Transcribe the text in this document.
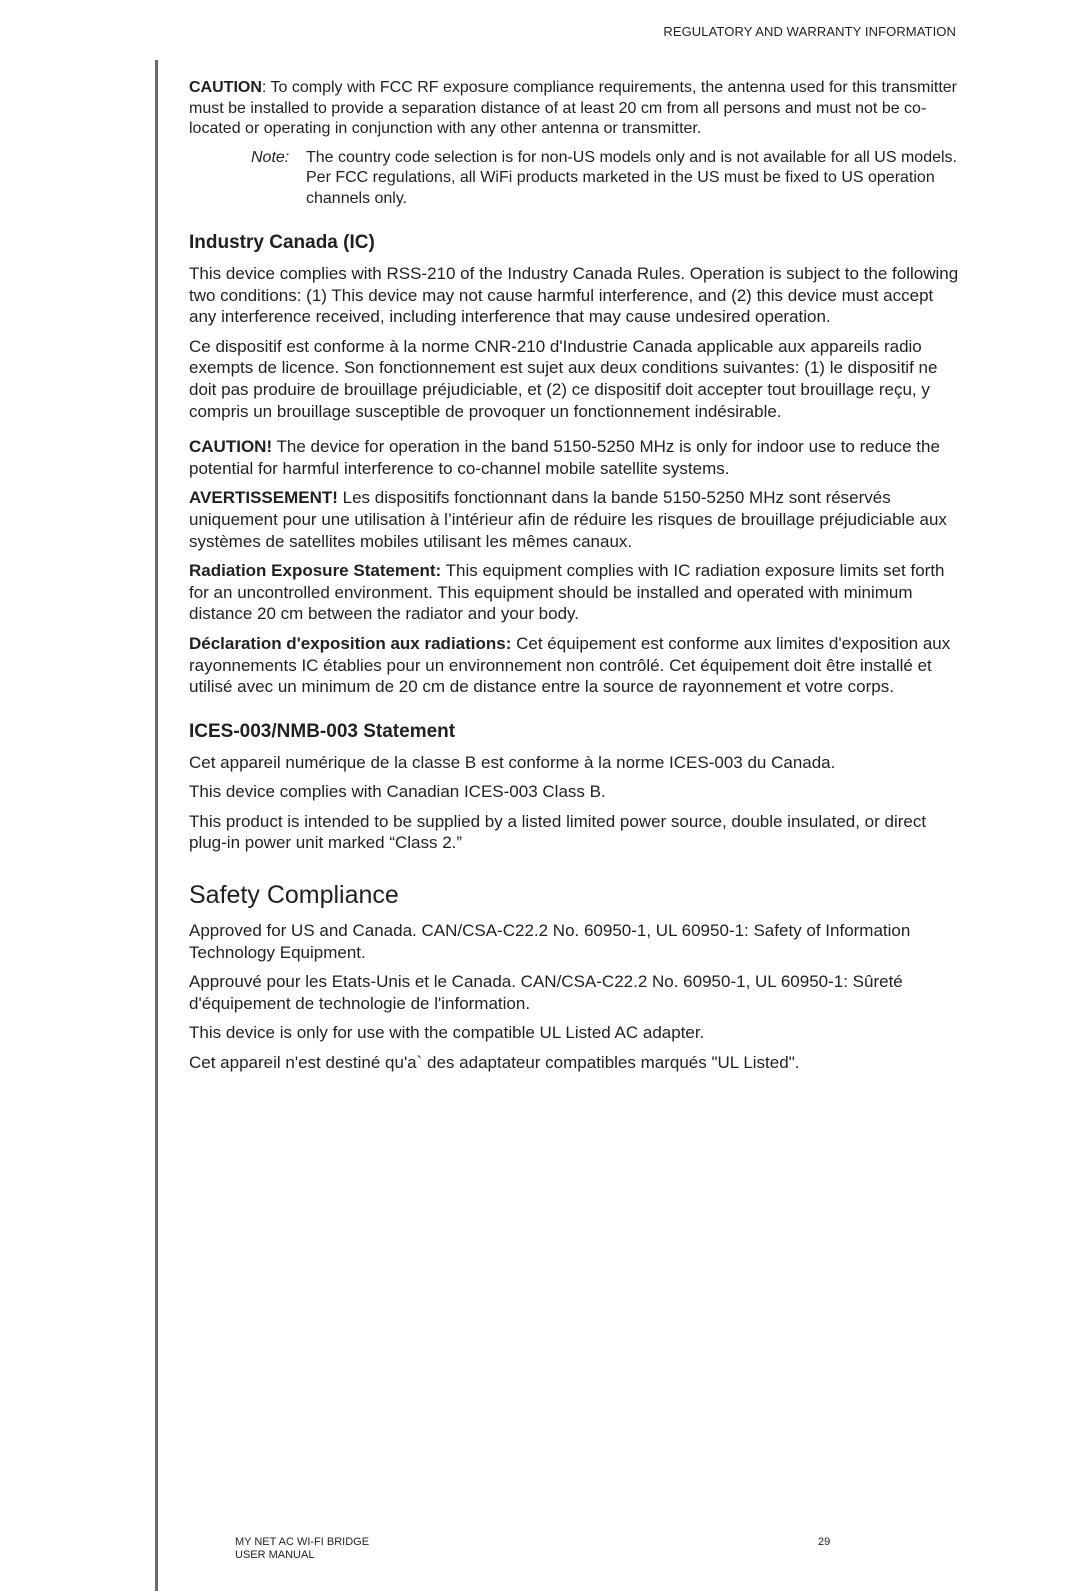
REGULATORY AND WARRANTY INFORMATION

CAUTION: To comply with FCC RF exposure compliance requirements, the antenna used for this transmitter must be installed to provide a separation distance of at least 20 cm from all persons and must not be co-located or operating in conjunction with any other antenna or transmitter.

Note:	The country code selection is for non-US models only and is not available for all US models. Per FCC regulations, all WiFi products marketed in the US must be fixed to US operation channels only.
Industry Canada (IC)

This device complies with RSS-210 of the Industry Canada Rules. Operation is subject to the following two conditions: (1) This device may not cause harmful interference, and (2) this device must accept any interference received, including interference that may cause undesired operation.

Ce dispositif est conforme à la norme CNR-210 d'Industrie Canada applicable aux appareils radio exempts de licence. Son fonctionnement est sujet aux deux conditions suivantes: (1) le dispositif ne doit pas produire de brouillage préjudiciable, et (2) ce dispositif doit accepter tout brouillage reçu, y compris un brouillage susceptible de provoquer un fonctionnement indésirable.

CAUTION! The device for operation in the band 5150-5250 MHz is only for indoor use to reduce the potential for harmful interference to co-channel mobile satellite systems.

AVERTISSEMENT! Les dispositifs fonctionnant dans la bande 5150-5250 MHz sont réservés uniquement pour une utilisation à l’intérieur afin de réduire les risques de brouillage préjudiciable aux systèmes de satellites mobiles utilisant les mêmes canaux.

Radiation Exposure Statement: This equipment complies with IC radiation exposure limits set forth for an uncontrolled environment. This equipment should be installed and operated with minimum distance 20 cm between the radiator and your body.

Déclaration d'exposition aux radiations: Cet équipement est conforme aux limites d'exposition aux rayonnements IC établies pour un environnement non contrôlé. Cet équipement doit être installé et utilisé avec un minimum de 20 cm de distance entre la source de rayonnement et votre corps.

ICES-003/NMB-003 Statement

Cet appareil numérique de la classe B est conforme à la norme ICES-003 du Canada.

This device complies with Canadian ICES-003 Class B.

This product is intended to be supplied by a listed limited power source, double insulated, or direct plug-in power unit marked “Class 2.”

Safety Compliance

Approved for US and Canada. CAN/CSA-C22.2 No. 60950-1, UL 60950-1: Safety of Information Technology Equipment.

Approuvé pour les Etats-Unis et le Canada. CAN/CSA-C22.2 No. 60950-1, UL 60950-1: Sûreté d'équipement de technologie de l'information.

This device is only for use with the compatible UL Listed AC adapter.

Cet appareil n'est destiné qu'a` des adaptateur compatibles marqués "UL Listed".

MY NET AC WI-FI BRIDGE
USER MANUAL
29
